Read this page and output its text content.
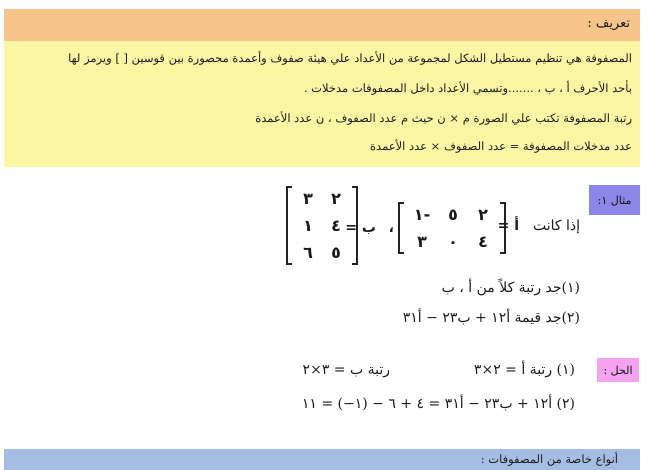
تعريف :
المصفوفة هي تنظيم مستطيل الشكل لمجموعة من الأعداد علي هيئة صفوف وأعمدة محصورة بين قوسين [ ] ويرمز لها
بأحد الأحرف أ ، ب ، .......وتسمي الأعداد داخل المصفوفات مدخلات .
رتبة المصفوفة تكتب علي الصورة م × ن حيث م عدد الصفوف ، ن عدد الأعمدة
عدد مدخلات المصفوفة = عدد الصفوف × عدد الأعمدة
مثال ١:
إذا كانت
أ =
١-	٥	٢
٣	٠	٤
،
ب =
٣	٢
١	٤
٦	٥
(١)جد رتبة كلاً من أ ، ب
(٢)جد قيمة أ١٢ + ب٢٣ − أ٣١
الحل :
(١) رتبة أ = ٢×٣
رتبة ب = ٣×٢
(٢) أ١٢ + ب٢٣ − أ٣١ = ٤ + ٦ − (١−) = ١١
أنواع خاصة من المصفوفات :
